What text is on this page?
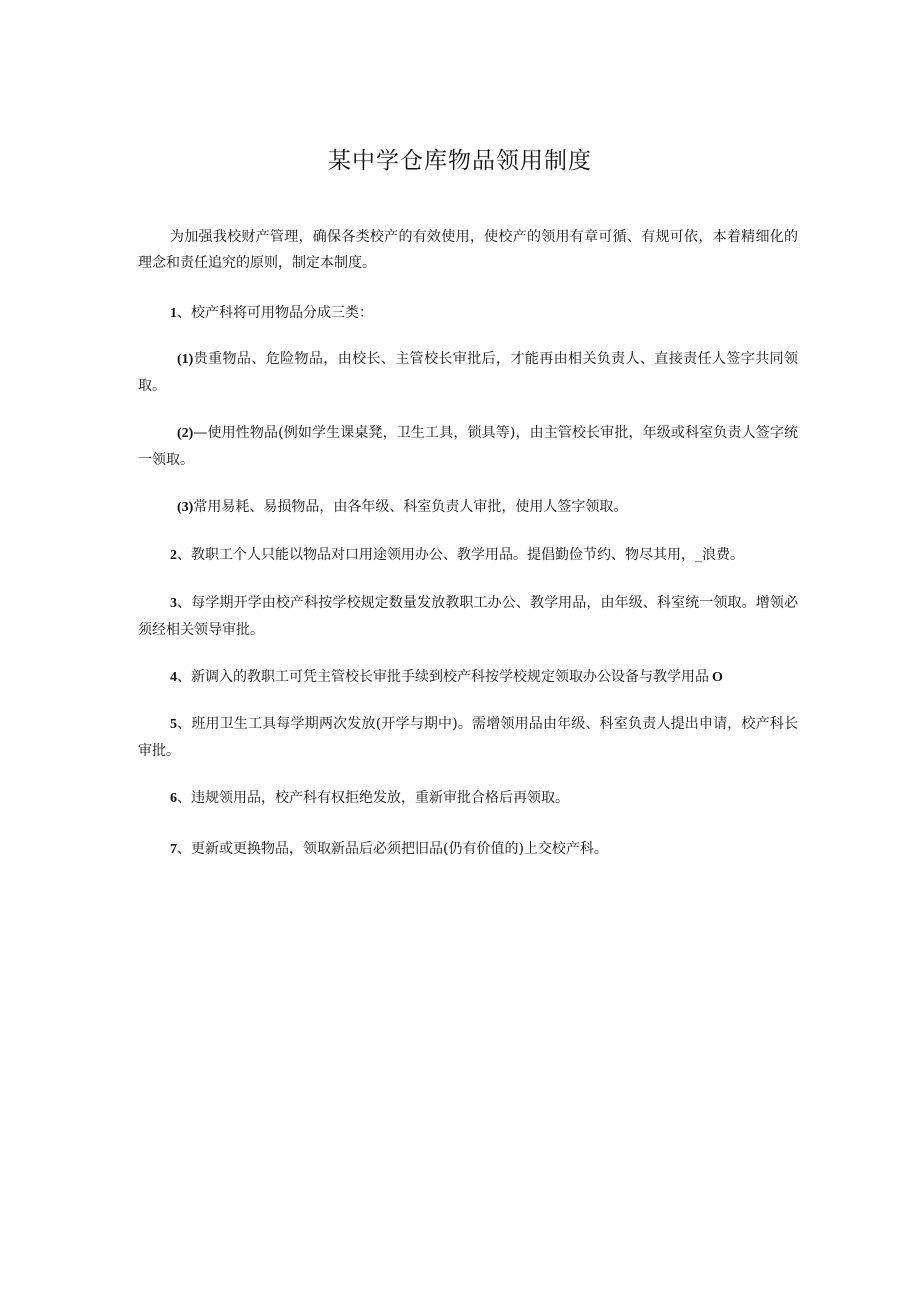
某中学仓库物品领用制度

为加强我校财产管理，确保各类校产的有效使用，使校产的领用有章可循、有规可依，本着精细化的理念和责任追究的原则，制定本制度。

1、校产科将可用物品分成三类：

(1)贵重物品、危险物品，由校长、主管校长审批后，才能再由相关负责人、直接责任人签字共同领取。

(2)—使用性物品(例如学生课桌凳，卫生工具，锁具等)，由主管校长审批，年级或科室负责人签字统一领取。

(3)常用易耗、易损物品，由各年级、科室负责人审批，使用人签字领取。

2、教职工个人只能以物品对口用途领用办公、教学用品。提倡勤俭节约、物尽其用，_浪费。

3、每学期开学由校产科按学校规定数量发放教职工办公、教学用品，由年级、科室统一领取。增领必须经相关领导审批。

4、新调入的教职工可凭主管校长审批手续到校产科按学校规定领取办公设备与教学用品 O

5、班用卫生工具每学期两次发放(开学与期中)。需增领用品由年级、科室负责人提出申请，校产科长审批。

6、违规领用品，校产科有权拒绝发放，重新审批合格后再领取。

7、更新或更换物品，领取新品后必须把旧品(仍有价值的)上交校产科。
